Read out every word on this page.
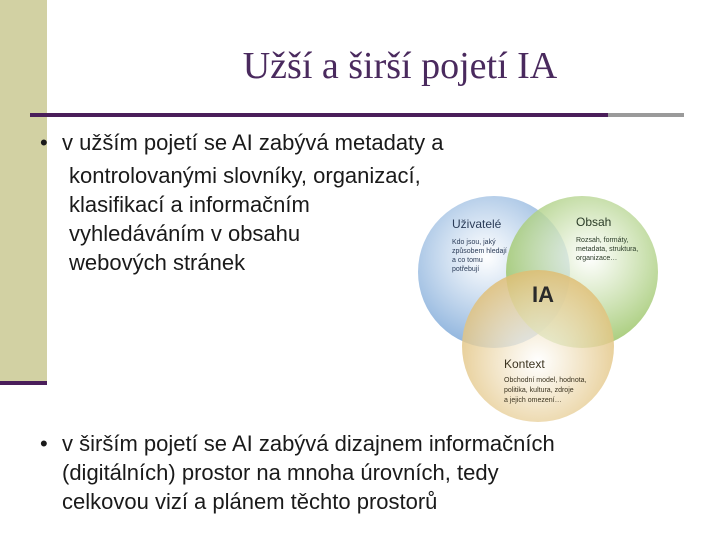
Užší a širší pojetí IA
• v užším pojetí se AI zabývá metadaty a
kontrolovanými slovníky, organizací,
klasifikací a informačním
vyhledáváním v obsahu
webových stránek
Uživatelé
Kdo jsou, jaký
způsobem hledají
a co tomu
potřebují
Obsah
Rozsah, formáty,
metadata, struktura,
organizace…
IA
Kontext
Obchodní model, hodnota,
politika, kultura, zdroje
a jejich omezení…
• v širším pojetí se AI zabývá dizajnem informačních
(digitálních) prostor na mnoha úrovních, tedy
celkovou vizí a plánem těchto prostorů
